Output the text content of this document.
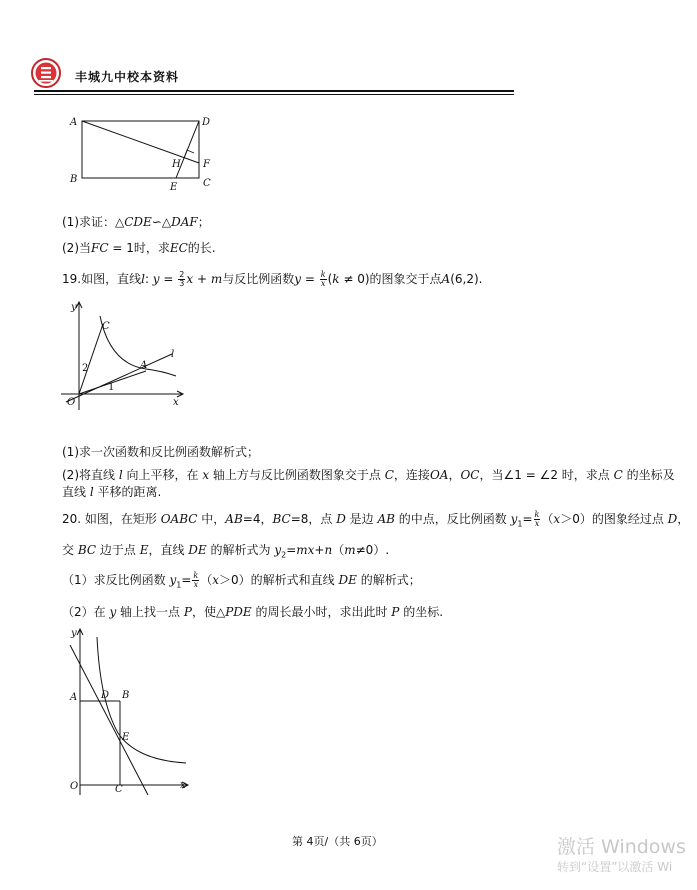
丰城九中校本资料
A	D
B	C
H F
E
(1)求证：△CDE∽△DAF；
(2)当FC = 1时，求EC的长.
19.如图，直线l: $y = \frac{2}{3}$ x + m与反比例函数$y = \frac{k}{x} (k \ne 0)$的图象交于点A(6,2).
y
x
O
C
A
l
2
1
(1)求一次函数和反比例函数解析式；
(2)将直线 l 向上平移，在 x 轴上方与反比例函数图象交于点 C，连接OA，OC，当∠1 = ∠2 时，求点 C 的坐标及
直线 l 平移的距离.
20. 如图，在矩形 OABC 中，AB=4，BC=8，点 D 是边 AB 的中点，反比例函数 $y_1= \frac{k}{x} (x>0)$的图象经过点 D，
交 BC 边于点 E，直线 DE 的解析式为 $y_2=mx+n(m\ne 0)$.
（1）求反比例函数 $y_1= \frac{k}{x} (x>0)$的解析式和直线 DE 的解析式；
（2）在 y 轴上找一点 P，使△PDE 的周长最小时，求出此时 P 的坐标.
y
x
O
A D B
E
C
第 4页/（共 6页）	激活 Windows
转到“设置”以激活 Wi
